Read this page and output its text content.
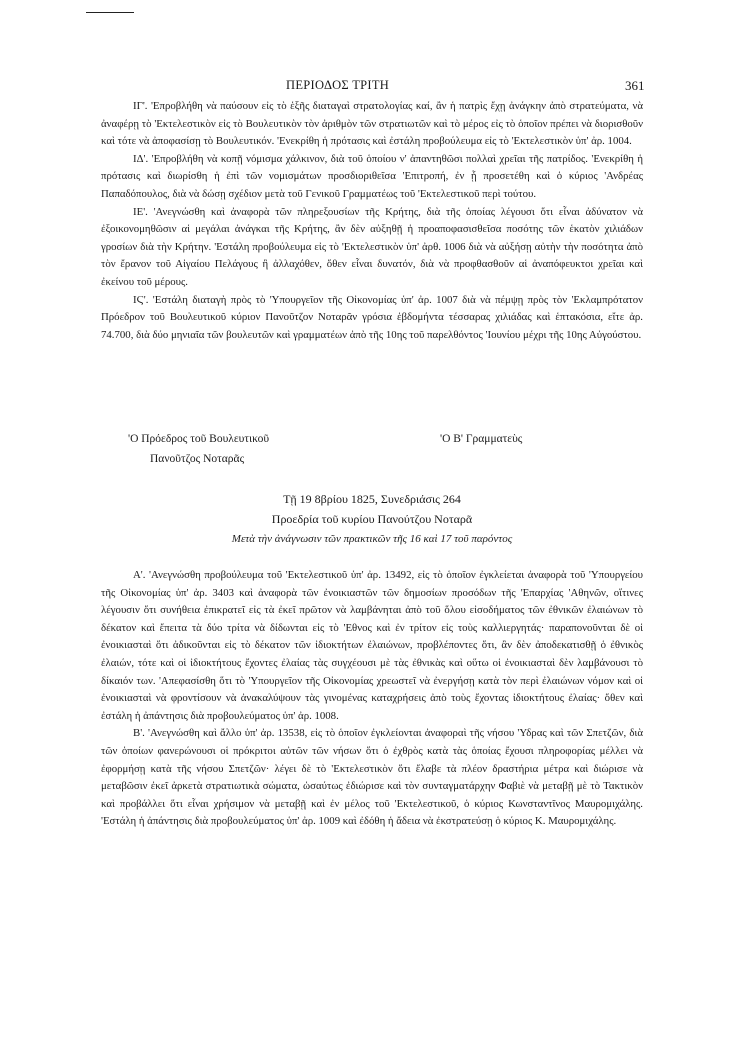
ΠΕΡΙΟΔΟΣ ΤΡΙΤΗ	361

ΙΓ'. 'Επροβλήθη νὰ παύσουν εἰς τὸ ἑξῆς διαταγαὶ στρατολογίας καί, ἂν ἡ πατρὶς ἔχῃ ἀνάγκην ἀπὸ στρατεύματα, νὰ ἀναφέρῃ τὸ 'Εκτελεστικὸν εἰς τὸ Βουλευτικὸν τὸν ἀριθμὸν τῶν στρατιωτῶν καὶ τὸ μέρος εἰς τὸ ὁποῖον πρέπει νὰ διορισθοῦν καὶ τότε νὰ ἀποφασίσῃ τὸ Βουλευτικόν. 'Ενεκρίθη ἡ πρότασις καὶ ἐστάλη προβούλευμα εἰς τὸ 'Εκτελεστικὸν ὑπ' ἀρ. 1004.

ΙΔ'. 'Επροβλήθη νὰ κοπῇ νόμισμα χάλκινον, διὰ τοῦ ὁποίου ν' ἀπαντηθῶσι πολλαὶ χρεῖαι τῆς πατρίδος. 'Ενεκρίθη ἡ πρότασις καὶ διωρίσθη ἡ ἐπὶ τῶν νομισμάτων προσδιοριθεῖσα 'Επιτροπή, ἐν ᾗ προσετέθη καὶ ὁ κύριος 'Ανδρέας Παπαδόπουλος, διὰ νὰ δώσῃ σχέδιον μετὰ τοῦ Γενικοῦ Γραμματέως τοῦ 'Εκτελεστικοῦ περὶ τούτου.

ΙΕ'. 'Ανεγνώσθη καὶ ἀναφορὰ τῶν πληρεξουσίων τῆς Κρήτης, διὰ τῆς ὁποίας λέγουσι ὅτι εἶναι ἀδύνατον νὰ ἐξοικονομηθῶσιν αἱ μεγάλαι ἀνάγκαι τῆς Κρήτης, ἂν δὲν αὐξηθῇ ἡ προαποφασισθεῖσα ποσότης τῶν ἑκατὸν χιλιάδων γροσίων διὰ τὴν Κρήτην. 'Εστάλη προβούλευμα εἰς τὸ 'Εκτελεστικὸν ὑπ' ἀρθ. 1006 διὰ νὰ αὐξήσῃ αὐτὴν τὴν ποσότητα ἀπὸ τὸν ἔρανον τοῦ Αἰγαίου Πελάγους ἢ ἀλλαχόθεν, ὅθεν εἶναι δυνατόν, διὰ νὰ προφθασθοῦν αἱ ἀναπόφευκτοι χρεῖαι καὶ ἐκείνου τοῦ μέρους.

ΙϚ'. 'Εστάλη διαταγὴ πρὸς τὸ 'Υπουργεῖον τῆς Οἰκονομίας ὑπ' ἀρ. 1007 διὰ νὰ πέμψῃ πρὸς τὸν 'Εκλαμπρότατον Πρόεδρον τοῦ Βουλευτικοῦ κύριον Πανοῦτζον Νοταρᾶν γρόσια ἑβδομήντα τέσσαρας χιλιάδας καὶ ἑπτακόσια, εἴτε ἀρ. 74.700, διὰ δύο μηνιαῖα τῶν βουλευτῶν καὶ γραμματέων ἀπὸ τῆς 10ης τοῦ παρελθόντος 'Ιουνίου μέχρι τῆς 10ης Αὐγούστου.

'Ο Πρόεδρος τοῦ Βουλευτικοῦ
Πανοῦτζος Νοταρᾶς
'Ο Β' Γραμματεὺς
Τῇ 19 8βρίου 1825, Συνεδριάσις 264
Προεδρία τοῦ κυρίου Πανούτζου Νοταρᾶ
Μετὰ τὴν ἀνάγνωσιν τῶν πρακτικῶν τῆς 16 καὶ 17 τοῦ παρόντος

Α'. 'Ανεγνώσθη προβούλευμα τοῦ 'Εκτελεστικοῦ ὑπ' ἀρ. 13492, εἰς τὸ ὁποῖον ἐγκλείεται ἀναφορὰ τοῦ 'Υπουργείου τῆς Οἰκονομίας ὑπ' ἀρ. 3403 καὶ ἀναφορὰ τῶν ἐνοικιαστῶν τῶν δημοσίων προσόδων τῆς 'Επαρχίας 'Αθηνῶν, οἵτινες λέγουσιν ὅτι συνήθεια ἐπικρατεῖ εἰς τὰ ἐκεῖ πρῶτον νὰ λαμβάνηται ἀπὸ τοῦ ὅλου εἰσοδήματος τῶν ἐθνικῶν ἐλαιώνων τὸ δέκατον καὶ ἔπειτα τὰ δύο τρίτα νὰ δίδωνται εἰς τὸ 'Εθνος καὶ ἐν τρίτον εἰς τοὺς καλλιεργητάς· παραπονοῦνται δὲ οἱ ἐνοικιασταὶ ὅτι ἀδικοῦνται εἰς τὸ δέκατον τῶν ἰδιοκτήτων ἐλαιώνων, προβλέποντες ὅτι, ἂν δὲν ἀποδεκατισθῇ ὁ ἐθνικὸς ἐλαιών, τότε καὶ οἱ ἰδιοκτήτους ἔχοντες ἐλαίας τὰς συγχέουσι μὲ τὰς ἐθνικὰς καὶ οὕτω οἱ ἐνοικιασταὶ δὲν λαμβάνουσι τὸ δίκαιόν των. 'Απεφασίσθη ὅτι τὸ 'Υπουργεῖον τῆς Οἰκονομίας χρεωστεῖ νὰ ἐνεργήσῃ κατὰ τὸν περὶ ἐλαιώνων νόμον καὶ οἱ ἐνοικιασταὶ νὰ φροντίσουν νὰ ἀνακαλύψουν τὰς γινομένας καταχρήσεις ἀπὸ τοὺς ἔχοντας ἰδιοκτήτους ἐλαίας· ὅθεν καὶ ἐστάλη ἡ ἀπάντησις διὰ προβουλεύματος ὑπ' ἀρ. 1008.

Β'. 'Ανεγνώσθη καὶ ἄλλο ὑπ' ἀρ. 13538, εἰς τὸ ὁποῖον ἐγκλείονται ἀναφοραὶ τῆς νήσου 'Υδρας καὶ τῶν Σπετζῶν, διὰ τῶν ὁποίων φανερώνουσι οἱ πρόκριτοι αὐτῶν τῶν νήσων ὅτι ὁ ἐχθρὸς κατὰ τὰς ὁποίας ἔχουσι πληροφορίας μέλλει νὰ ἐφορμήσῃ κατὰ τῆς νήσου Σπετζῶν· λέγει δὲ τὸ 'Εκτελεστικὸν ὅτι ἔλαβε τὰ πλέον δραστήρια μέτρα καὶ διώρισε νὰ μεταβῶσιν ἐκεῖ ἀρκετὰ στρατιωτικὰ σώματα, ὡσαύτως ἐδιώρισε καὶ τὸν συνταγματάρχην Φαβιὲ νὰ μεταβῇ μὲ τὸ Τακτικὸν καὶ προβάλλει ὅτι εἶναι χρήσιμον νὰ μεταβῇ καὶ ἐν μέλος τοῦ 'Εκτελεστικοῦ, ὁ κύριος Κωνσταντῖνος Μαυρομιχάλης. 'Εστάλη ἡ ἀπάντησις διὰ προβουλεύματος ὑπ' ἀρ. 1009 καὶ ἐδόθη ἡ ἄδεια νὰ ἐκστρατεύσῃ ὁ κύριος Κ. Μαυρομιχάλης.
